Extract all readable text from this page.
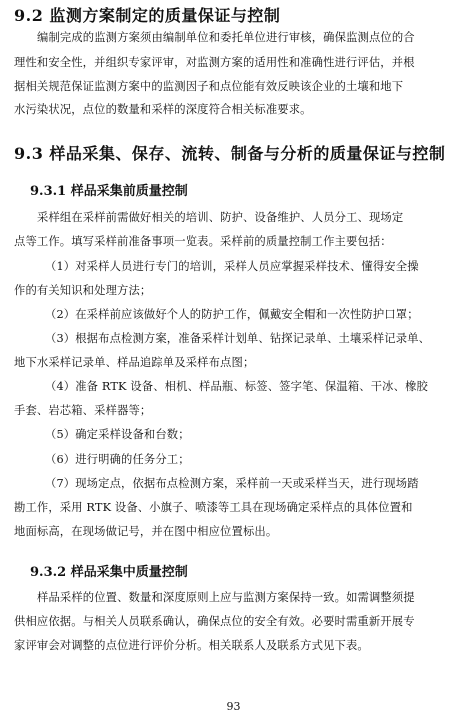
9.2 监测方案制定的质量保证与控制
编制完成的监测方案须由编制单位和委托单位进行审核，确保监测点位的合
理性和安全性，并组织专家评审，对监测方案的适用性和准确性进行评估，并根
据相关规范保证监测方案中的监测因子和点位能有效反映该企业的土壤和地下
水污染状况，点位的数量和采样的深度符合相关标准要求。
9.3 样品采集、保存、流转、制备与分析的质量保证与控制
9.3.1 样品采集前质量控制
采样组在采样前需做好相关的培训、防护、设备维护、人员分工、现场定
点等工作。填写采样前准备事项一览表。采样前的质量控制工作主要包括：
（1）对采样人员进行专门的培训，采样人员应掌握采样技术、懂得安全操
作的有关知识和处理方法；
（2）在采样前应该做好个人的防护工作，佩戴安全帽和一次性防护口罩；
（3）根据布点检测方案，准备采样计划单、钻探记录单、土壤采样记录单、
地下水采样记录单、样品追踪单及采样布点图；
（4）准备 RTK 设备、相机、样品瓶、标签、签字笔、保温箱、干冰、橡胶
手套、岩芯箱、采样器等；
（5）确定采样设备和台数；
（6）进行明确的任务分工；
（7）现场定点，依据布点检测方案，采样前一天或采样当天，进行现场踏
勘工作，采用 RTK 设备、小旗子、喷漆等工具在现场确定采样点的具体位置和
地面标高，在现场做记号，并在图中相应位置标出。
9.3.2 样品采集中质量控制
样品采样的位置、数量和深度原则上应与监测方案保持一致。如需调整须提
供相应依据。与相关人员联系确认，确保点位的安全有效。必要时需重新开展专
家评审会对调整的点位进行评价分析。相关联系人及联系方式见下表。
93
